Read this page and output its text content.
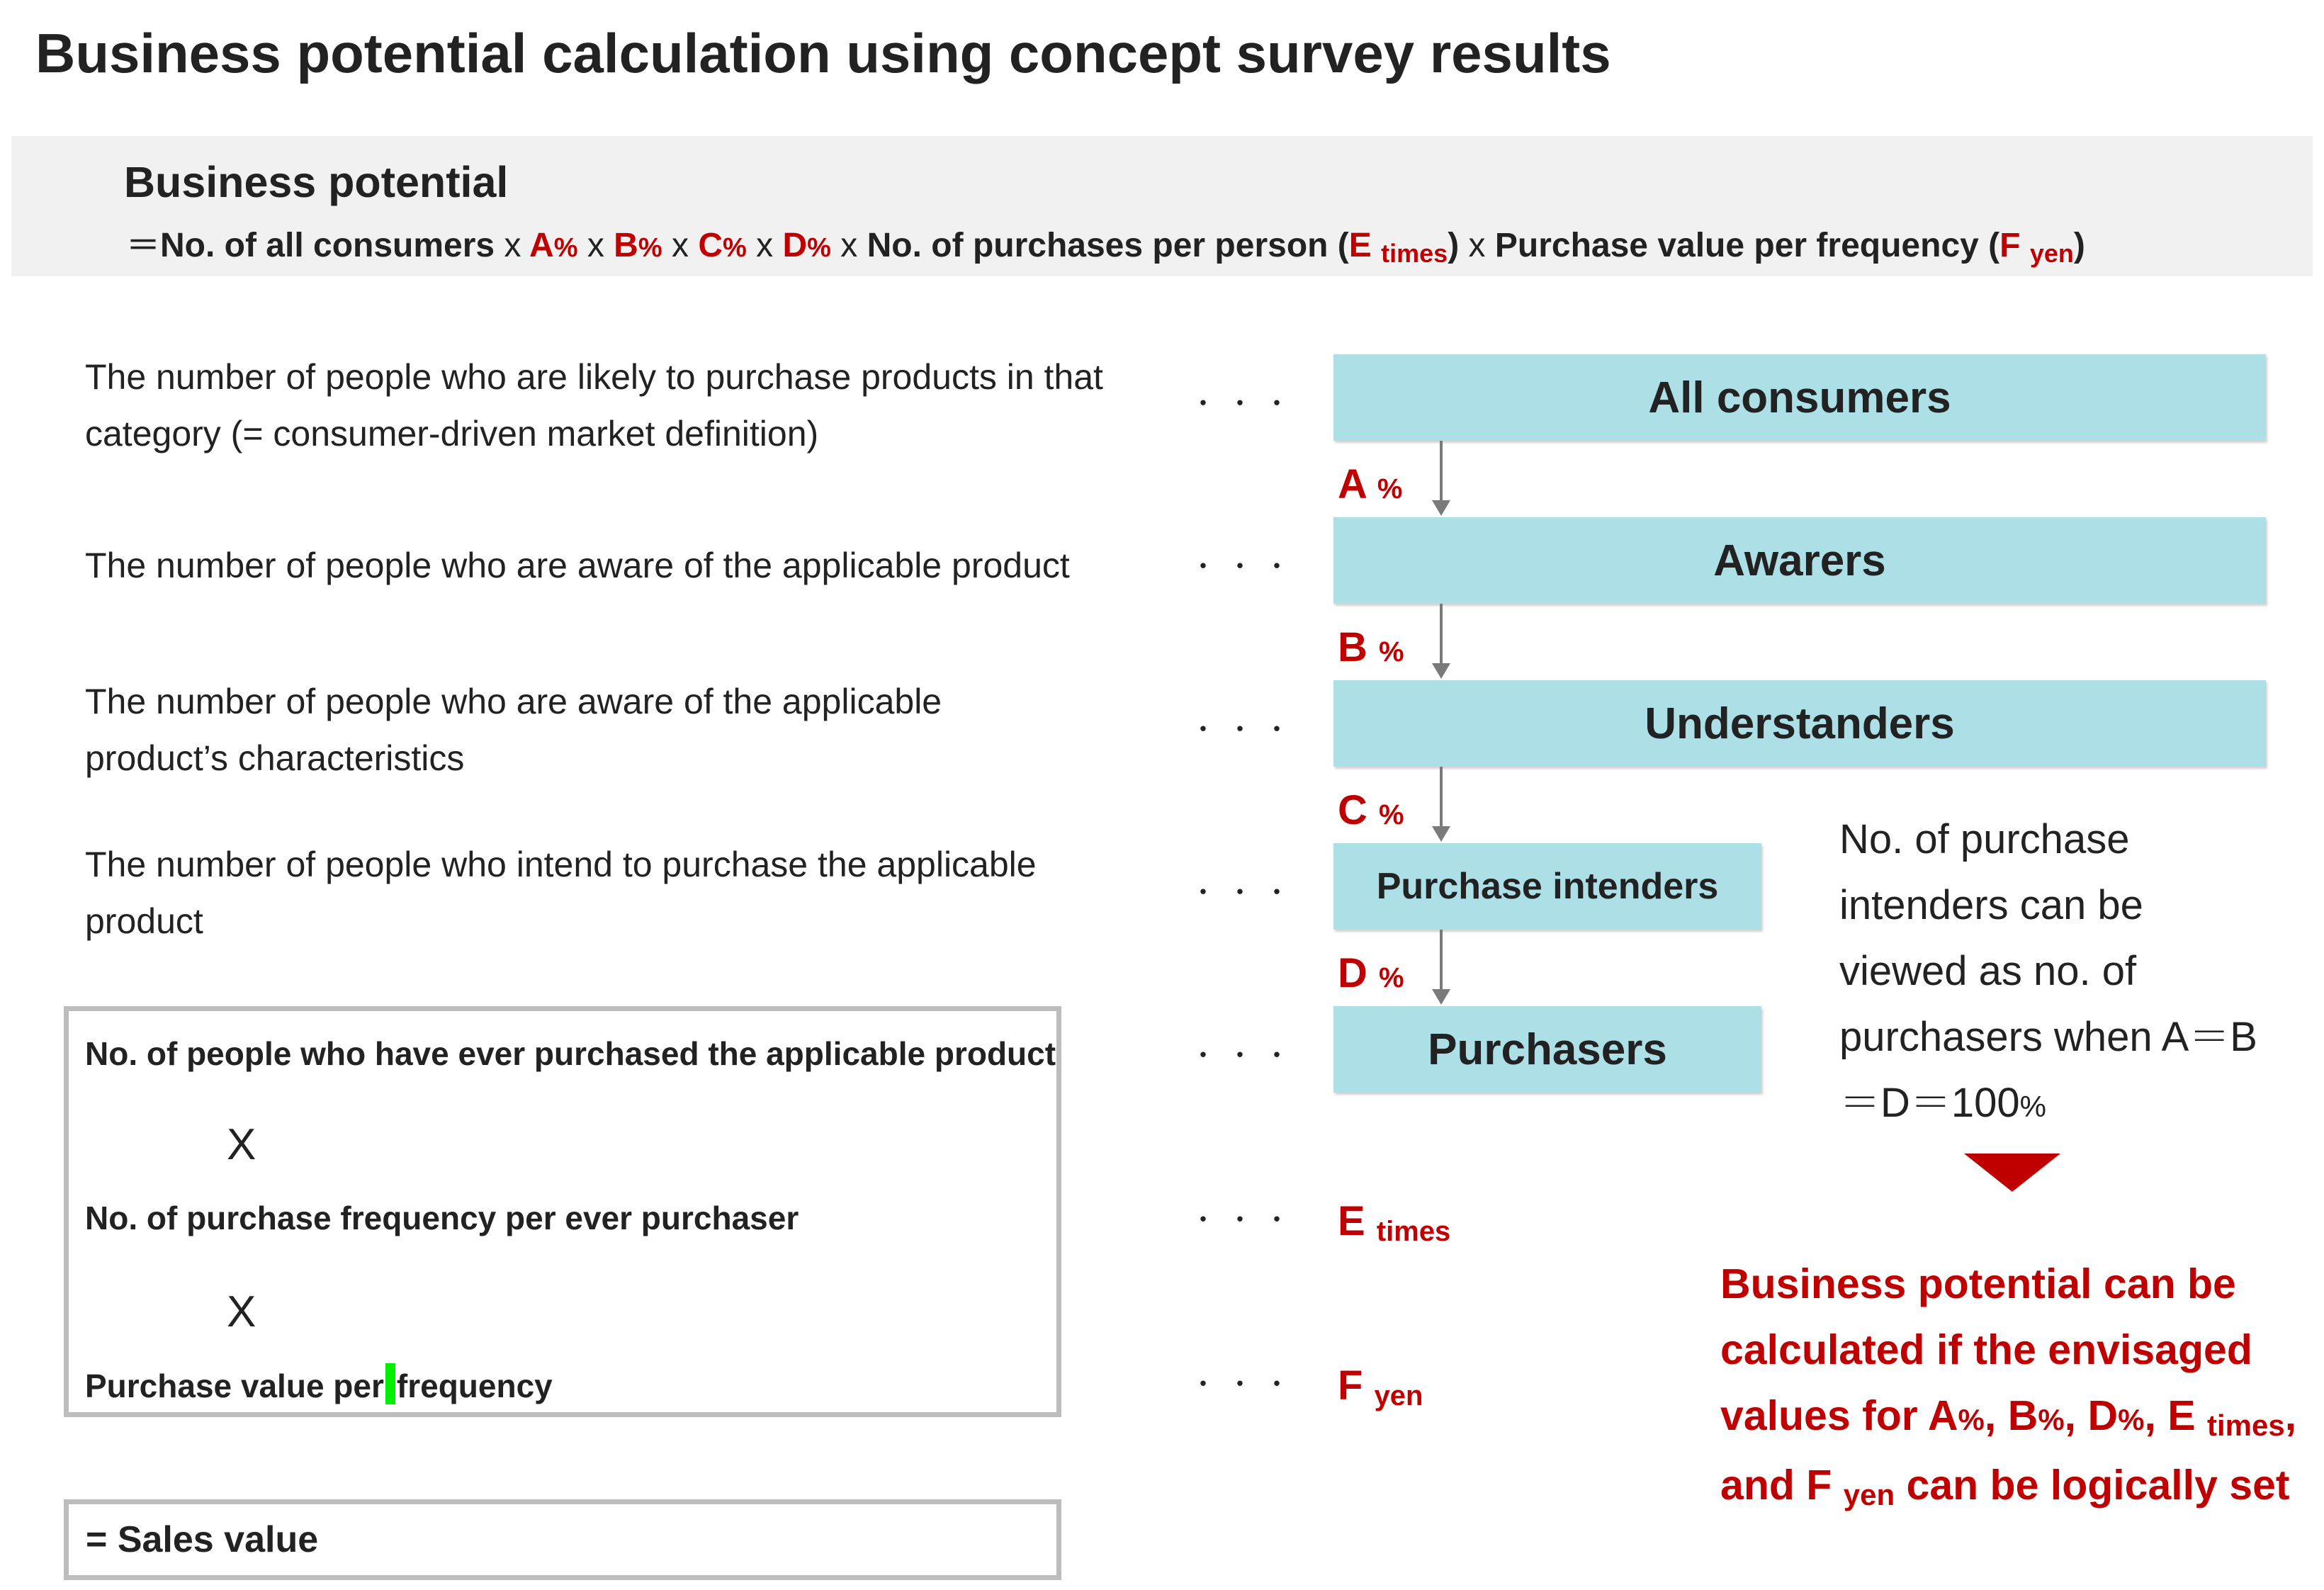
Business potential calculation using concept survey results
Business potential
＝No. of all consumers x A% x B% x C% x D% x No. of purchases per person (E times) x Purchase value per frequency (F yen)
The number of people who are likely to purchase products in that category (= consumer-driven market definition)
The number of people who are aware of the applicable product
The number of people who are aware of the applicable product’s characteristics
The number of people who intend to purchase the applicable product
・・・
・・・
・・・
・・・
・・・
・・・
・・・
All consumers
Awarers
Understanders
Purchase intenders
Purchasers
A %
B %
C %
D %
E times
F yen
No. of purchase intenders can be viewed as no. of purchasers when A＝B＝D＝100%
Business potential can be calculated if the envisaged values for A%, B%, D%, E times, and F yen can be logically set
No. of people who have ever purchased the applicable product
X
No. of purchase frequency per ever purchaser
X
Purchase value per frequency
= Sales value
